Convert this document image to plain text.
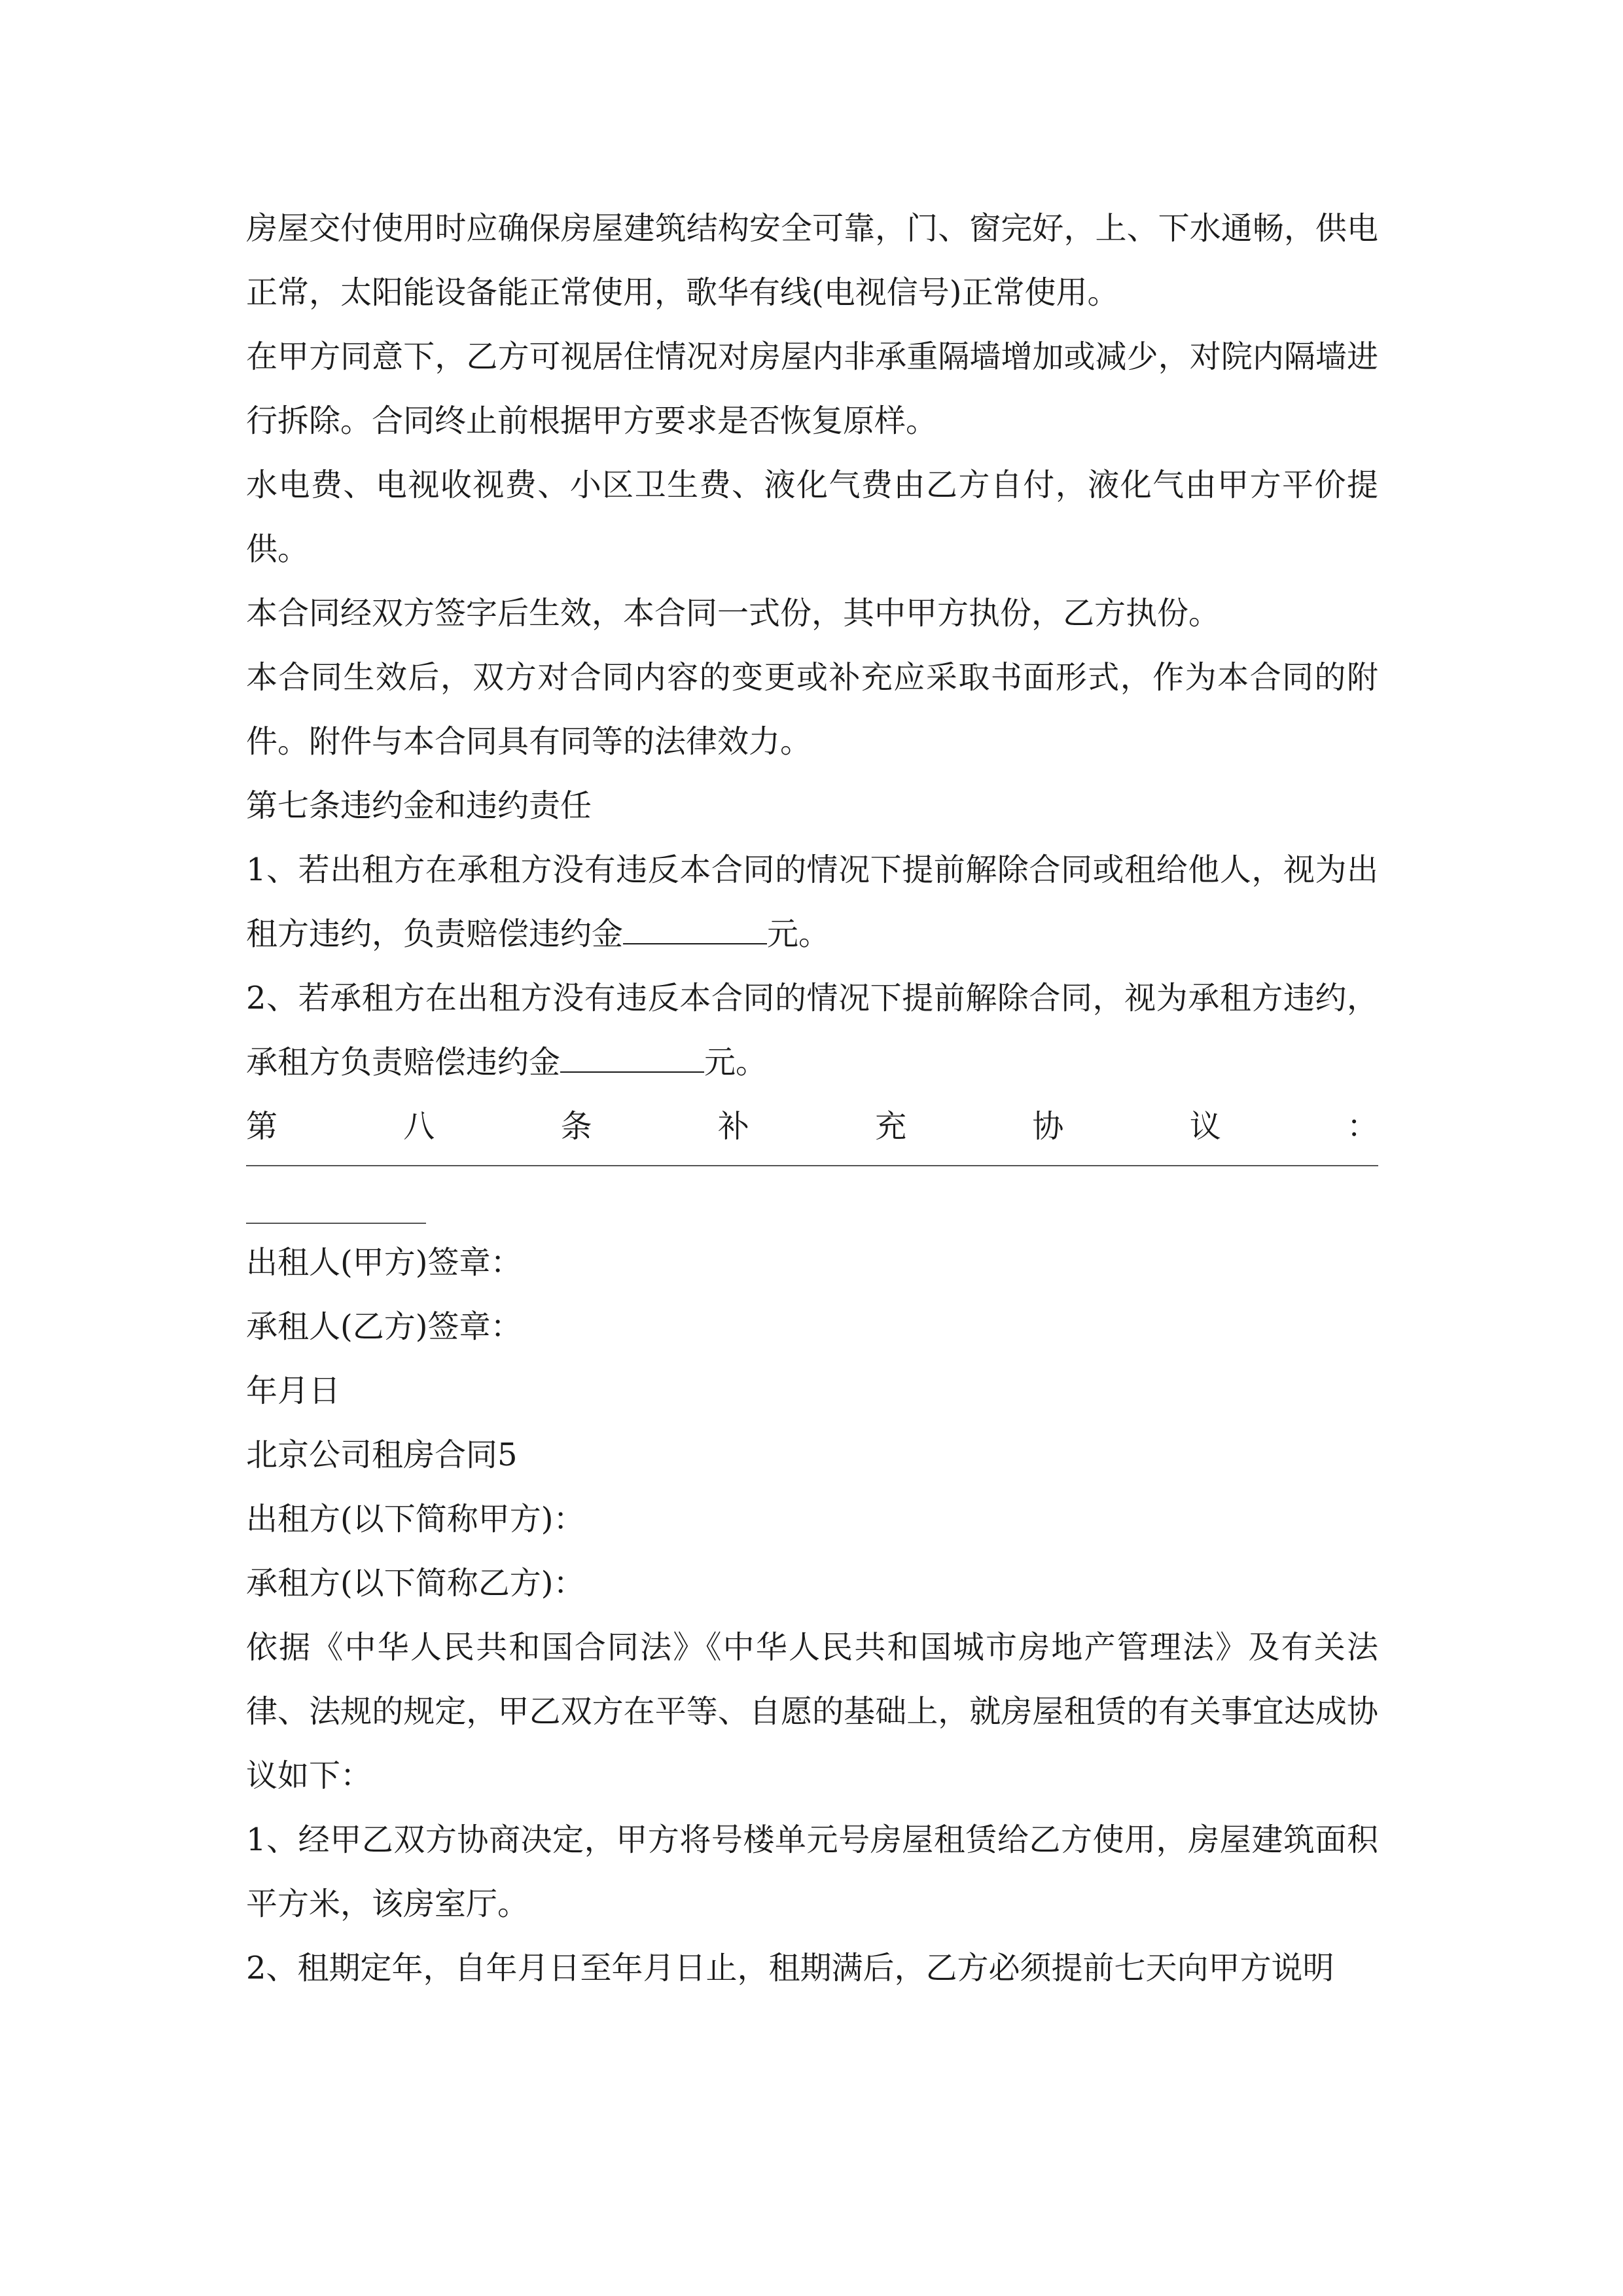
房屋交付使用时应确保房屋建筑结构安全可靠，门、窗完好，上、下水通畅，供电正常，太阳能设备能正常使用，歌华有线(电视信号)正常使用。

在甲方同意下，乙方可视居住情况对房屋内非承重隔墙增加或减少，对院内隔墙进行拆除。合同终止前根据甲方要求是否恢复原样。

水电费、电视收视费、小区卫生费、液化气费由乙方自付，液化气由甲方平价提供。

本合同经双方签字后生效，本合同一式份，其中甲方执份，乙方执份。

本合同生效后，双方对合同内容的变更或补充应采取书面形式，作为本合同的附件。附件与本合同具有同等的法律效力。

第七条违约金和违约责任

1、若出租方在承租方没有违反本合同的情况下提前解除合同或租给他人，视为出租方违约，负责赔偿违约金	元。

2、若承租方在出租方没有违反本合同的情况下提前解除合同，视为承租方违约，承租方负责赔偿违约金	元。

第	八	条	补	充	协	议	：

出租人(甲方)签章：

承租人(乙方)签章：

年月日

北京公司租房合同5

出租方(以下简称甲方)：

承租方(以下简称乙方)：

依据《中华人民共和国合同法》《中华人民共和国城市房地产管理法》及有关法律、法规的规定，甲乙双方在平等、自愿的基础上，就房屋租赁的有关事宜达成协议如下：

1、经甲乙双方协商决定，甲方将号楼单元号房屋租赁给乙方使用，房屋建筑面积平方米，该房室厅。

2、租期定年，自年月日至年月日止，租期满后，乙方必须提前七天向甲方说明
